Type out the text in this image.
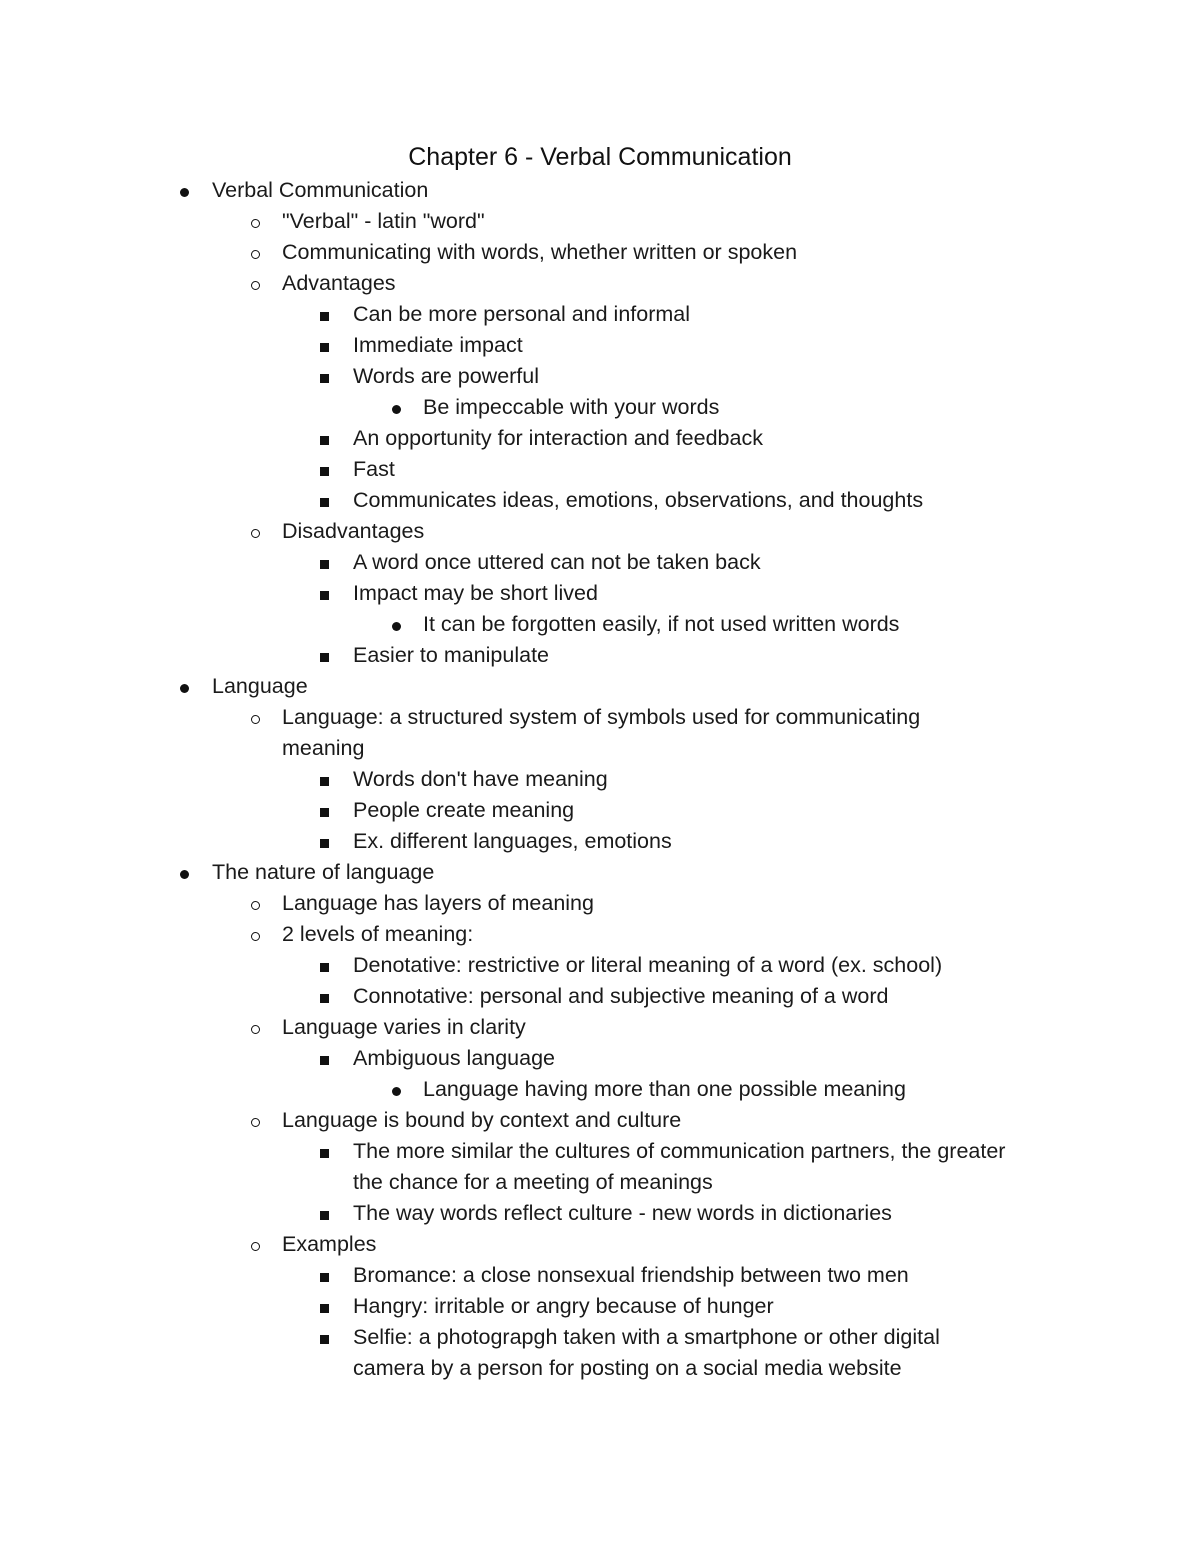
Chapter 6 - Verbal Communication
Verbal Communication
"Verbal" - latin "word"
Communicating with words, whether written or spoken
Advantages
Can be more personal and informal
Immediate impact
Words are powerful
Be impeccable with your words
An opportunity for interaction and feedback
Fast
Communicates ideas, emotions, observations, and thoughts
Disadvantages
A word once uttered can not be taken back
Impact may be short lived
It can be forgotten easily, if not used written words
Easier to manipulate
Language
Language: a structured system of symbols used for communicating meaning
Words don't have meaning
People create meaning
Ex. different languages, emotions
The nature of language
Language has layers of meaning
2 levels of meaning:
Denotative: restrictive or literal meaning of a word (ex. school)
Connotative: personal and subjective meaning of a word
Language varies in clarity
Ambiguous language
Language having more than one possible meaning
Language is bound by context and culture
The more similar the cultures of communication partners, the greater the chance for a meeting of meanings
The way words reflect culture - new words in dictionaries
Examples
Bromance: a close nonsexual friendship between two men
Hangry: irritable or angry because of hunger
Selfie: a photograpgh taken with a smartphone or other digital camera by a person for posting on a social media website
